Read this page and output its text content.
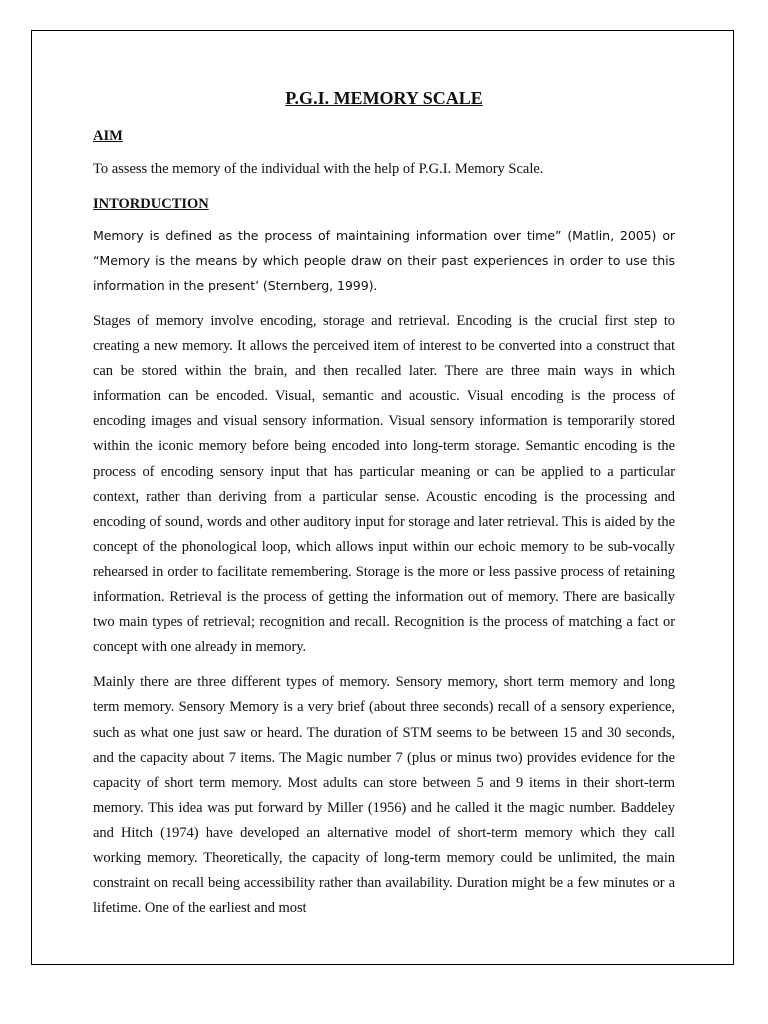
P.G.I. MEMORY SCALE
AIM

To assess the memory of the individual with the help of P.G.I. Memory Scale.

INTORDUCTION

Memory is defined as the process of maintaining information over time” (Matlin, 2005) or “Memory is the means by which people draw on their past experiences in order to use this information in the present’ (Sternberg, 1999).

Stages of memory involve encoding, storage and retrieval. Encoding is the crucial first step to creating a new memory. It allows the perceived item of interest to be converted into a construct that can be stored within the brain, and then recalled later. There are three main ways in which information can be encoded. Visual, semantic and acoustic. Visual encoding is the process of encoding images and visual sensory information. Visual sensory information is temporarily stored within the iconic memory before being encoded into long-term storage. Semantic encoding is the process of encoding sensory input that has particular meaning or can be applied to a particular context, rather than deriving from a particular sense. Acoustic encoding is the processing and encoding of sound, words and other auditory input for storage and later retrieval. This is aided by the concept of the phonological loop, which allows input within our echoic memory to be sub-vocally rehearsed in order to facilitate remembering. Storage is the more or less passive process of retaining information. Retrieval is the process of getting the information out of memory. There are basically two main types of retrieval; recognition and recall. Recognition is the process of matching a fact or concept with one already in memory.

Mainly there are three different types of memory. Sensory memory, short term memory and long term memory. Sensory Memory is a very brief (about three seconds) recall of a sensory experience, such as what one just saw or heard. The duration of STM seems to be between 15 and 30 seconds, and the capacity about 7 items. The Magic number 7 (plus or minus two) provides evidence for the capacity of short term memory. Most adults can store between 5 and 9 items in their short-term memory. This idea was put forward by Miller (1956) and he called it the magic number. Baddeley and Hitch (1974) have developed an alternative model of short-term memory which they call working memory. Theoretically, the capacity of long-term memory could be unlimited, the main constraint on recall being accessibility rather than availability. Duration might be a few minutes or a lifetime. One of the earliest and most
